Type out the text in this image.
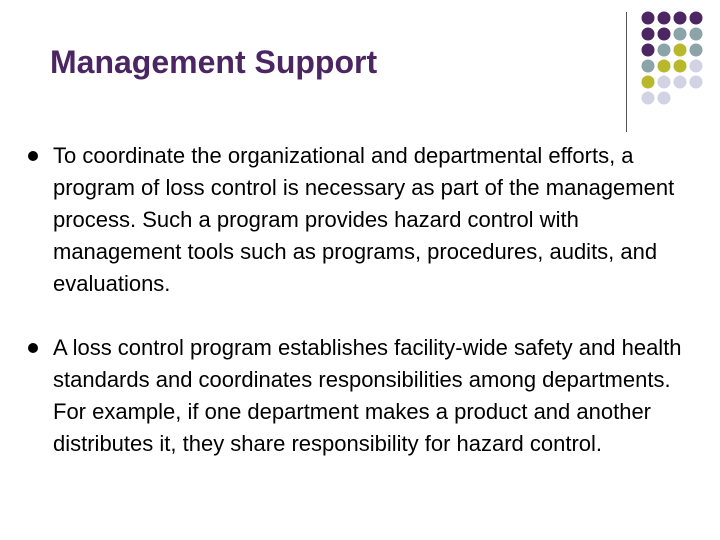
Management Support
To coordinate the organizational and departmental efforts, a program of loss control is necessary as part of the management process. Such a program provides hazard control with management tools such as programs, procedures, audits, and evaluations.
A loss control program establishes facility-wide safety and health standards and coordinates responsibilities among departments. For example, if one department makes a product and another distributes it, they share responsibility for hazard control.
